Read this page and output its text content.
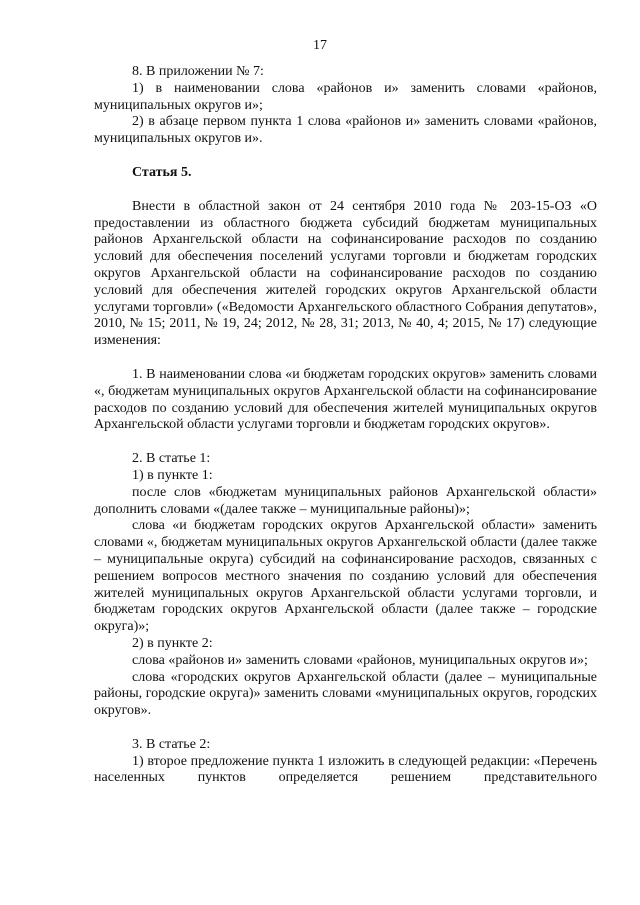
17

8. В приложении № 7:

1) в наименовании слова «районов и» заменить словами «районов, муниципальных округов и»;

2) в абзаце первом пункта 1 слова «районов и» заменить словами «районов, муниципальных округов и».

Статья 5.

Внести в областной закон от 24 сентября 2010 года № 203-15-ОЗ «О предоставлении из областного бюджета субсидий бюджетам муниципальных районов Архангельской области на софинансирование расходов по созданию условий для обеспечения поселений услугами торговли и бюджетам городских округов Архангельской области на софинансирование расходов по созданию условий для обеспечения жителей городских округов Архангельской области услугами торговли» («Ведомости Архангельского областного Собрания депутатов», 2010, № 15; 2011, № 19, 24; 2012, № 28, 31; 2013, № 40, 4; 2015, № 17) следующие изменения:

1. В наименовании слова «и бюджетам городских округов» заменить словами «, бюджетам муниципальных округов Архангельской области на софинансирование расходов по созданию условий для обеспечения жителей муниципальных округов Архангельской области услугами торговли и бюджетам городских округов».

2. В статье 1:

1) в пункте 1:

после слов «бюджетам муниципальных районов Архангельской области» дополнить словами «(далее также – муниципальные районы)»;

слова «и бюджетам городских округов Архангельской области» заменить словами «, бюджетам муниципальных округов Архангельской области (далее также – муниципальные округа) субсидий на софинансирование расходов, связанных с решением вопросов местного значения по созданию условий для обеспечения жителей муниципальных округов Архангельской области услугами торговли, и бюджетам городских округов Архангельской области (далее также – городские округа)»;

2) в пункте 2:

слова «районов и» заменить словами «районов, муниципальных округов и»;

слова «городских округов Архангельской области (далее – муниципальные районы, городские округа)» заменить словами «муниципальных округов, городских округов».

3. В статье 2:

1) второе предложение пункта 1 изложить в следующей редакции: «Перечень населенных пунктов определяется решением представительного
